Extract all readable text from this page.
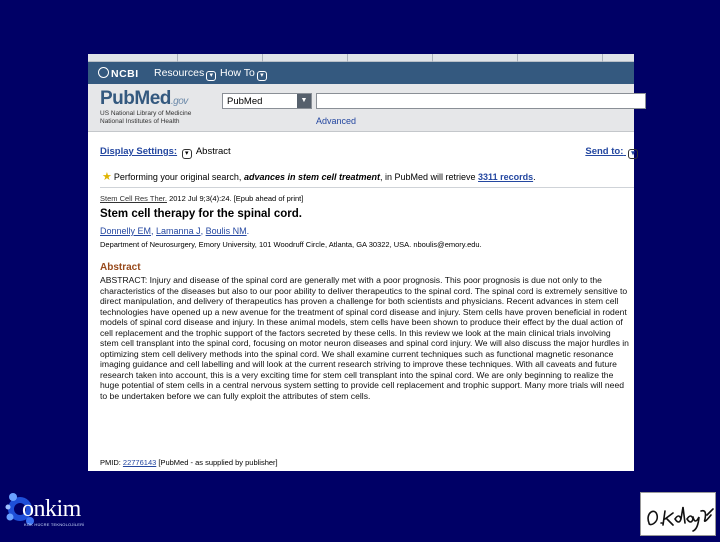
NCBI Resources ▾ How To ▾
PubMed.gov
US National Library of Medicine
National Institutes of Health
PubMed	▼
Advanced
Display Settings: ▾ Abstract	Send to: ▾
★ Performing your original search, advances in stem cell treatment, in PubMed will retrieve 3311 records.
Stem Cell Res Ther. 2012 Jul 9;3(4):24. [Epub ahead of print]
Stem cell therapy for the spinal cord.
Donnelly EM, Lamanna J, Boulis NM.
Department of Neurosurgery, Emory University, 101 Woodruff Circle, Atlanta, GA 30322, USA. nboulis@emory.edu.
Abstract
ABSTRACT: Injury and disease of the spinal cord are generally met with a poor prognosis. This poor prognosis is due not only to the characteristics of the diseases but also to our poor ability to deliver therapeutics to the spinal cord. The spinal cord is extremely sensitive to direct manipulation, and delivery of therapeutics has proven a challenge for both scientists and physicians. Recent advances in stem cell technologies have opened up a new avenue for the treatment of spinal cord disease and injury. Stem cells have proven beneficial in rodent models of spinal cord disease and injury. In these animal models, stem cells have been shown to produce their effect by the dual action of cell replacement and the trophic support of the factors secreted by these cells. In this review we look at the main clinical trials involving stem cell transplant into the spinal cord, focusing on motor neuron diseases and spinal cord injury. We will also discuss the major hurdles in optimizing stem cell delivery methods into the spinal cord. We shall examine current techniques such as functional magnetic resonance imaging guidance and cell labelling and will look at the current research striving to improve these techniques. With all caveats and future research taken into account, this is a very exciting time for stem cell transplant into the spinal cord. We are only beginning to realize the huge potential of stem cells in a central nervous system setting to provide cell replacement and trophic support. Many more trials will need to be undertaken before we can fully exploit the attributes of stem cells.
PMID: 22776143 [PubMed - as supplied by publisher]
onkim
KÖK HÜCRE TEKNOLOJİLERİ
